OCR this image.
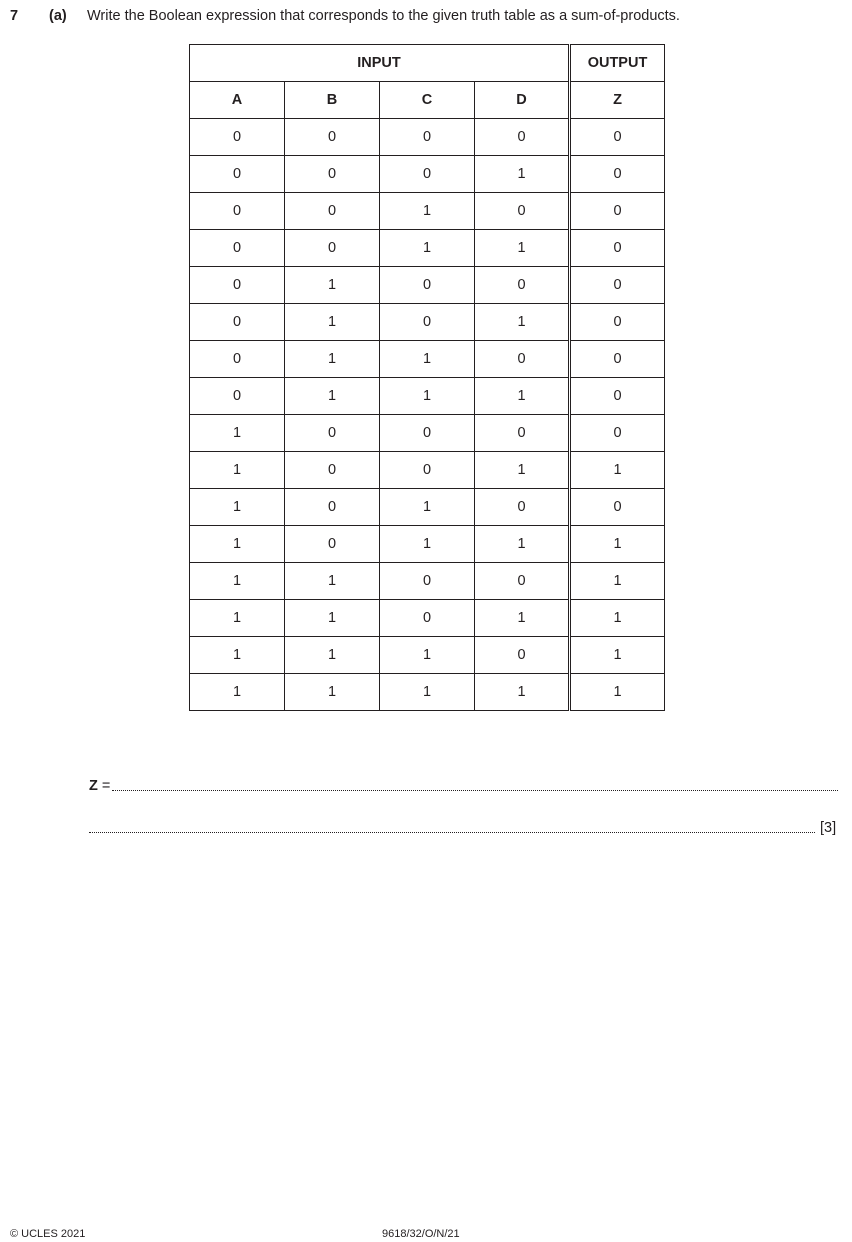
7 (a) Write the Boolean expression that corresponds to the given truth table as a sum-of-products.
INPUT				OUTPUT
A	B	C	D	Z
0	0	0	0	0
0	0	0	1	0
0	0	1	0	0
0	0	1	1	0
0	1	0	0	0
0	1	0	1	0
0	1	1	0	0
0	1	1	1	0
1	0	0	0	0
1	0	0	1	1
1	0	1	0	0
1	0	1	1	1
1	1	0	0	1
1	1	0	1	1
1	1	1	0	1
1	1	1	1	1
Z =
[3]
© UCLES 2021	9618/32/O/N/21
